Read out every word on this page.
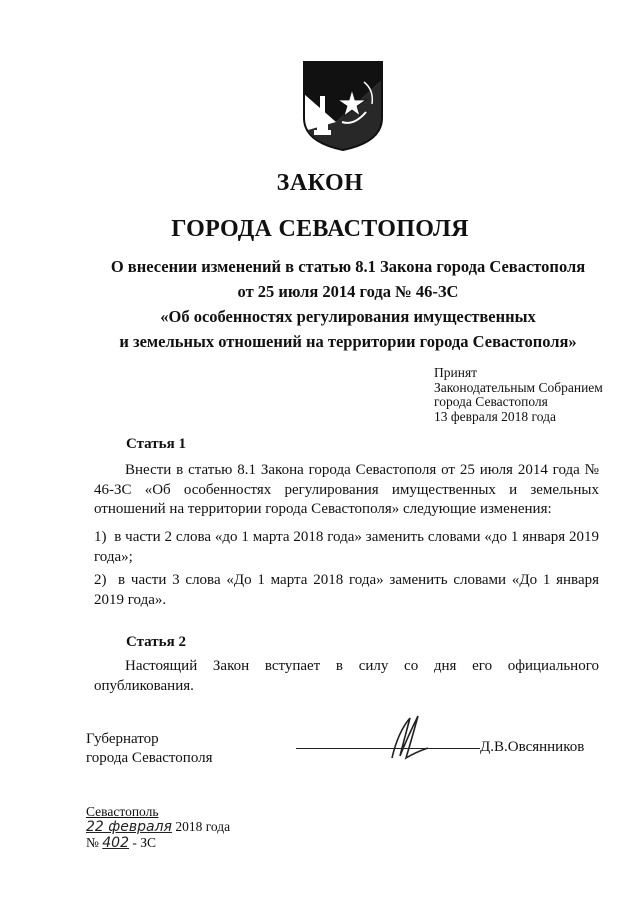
ЗАКОН
ГОРОДА СЕВАСТОПОЛЯ
О внесении изменений в статью 8.1 Закона города Севастополя
от 25 июля 2014 года № 46-ЗС
«Об особенностях регулирования имущественных
и земельных отношений на территории города Севастополя»
Принят
Законодательным Собранием
города Севастополя
13 февраля 2018 года
Статья 1
Внести в статью 8.1 Закона города Севастополя от 25 июля 2014 года № 46-ЗС «Об особенностях регулирования имущественных и земельных отношений на территории города Севастополя» следующие изменения:
1)  в части 2 слова «до 1 марта 2018 года» заменить словами «до 1 января 2019 года»;
2)  в части 3 слова «До 1 марта 2018 года» заменить словами «До 1 января 2019 года».
Статья 2
Настоящий Закон вступает в силу со дня его официального опубликования.
Губернатор
города Севастополя
Д.В.Овсянников
Севастополь
22 февраля 2018 года
№ 402 - ЗС
